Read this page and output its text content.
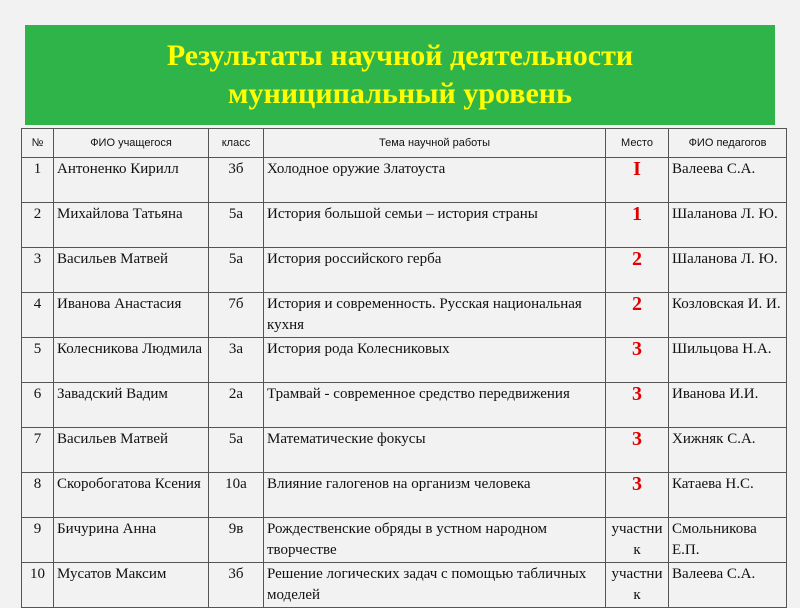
Результаты научной деятельности
муниципальный уровень
№	ФИО учащегося	класс	Тема научной работы	Место	ФИО педагогов
1	Антоненко Кирилл	3б	Холодное оружие Златоуста	I	Валеева С.А.
2	Михайлова Татьяна	5а	История большой семьи – история страны	1	Шаланова Л. Ю.
3	Васильев Матвей	5а	История российского герба	2	Шаланова Л. Ю.
4	Иванова Анастасия	7б	История и современность. Русская национальная кухня	2	Козловская И. И.
5	Колесникова Людмила	3а	История рода Колесниковых	3	Шильцова Н.А.
6	Завадский Вадим	2а	Трамвай - современное средство передвижения	3	Иванова И.И.
7	Васильев Матвей	5а	Математические фокусы	3	Хижняк С.А.
8	Скоробогатова Ксения	10а	Влияние галогенов на организм человека	3	Катаева Н.С.
9	Бичурина Анна	9в	Рождественские обряды в устном народном творчестве	участник	Смольникова Е.П.
10	Мусатов Максим	3б	Решение логических задач с помощью табличных моделей	участник	Валеева С.А.
